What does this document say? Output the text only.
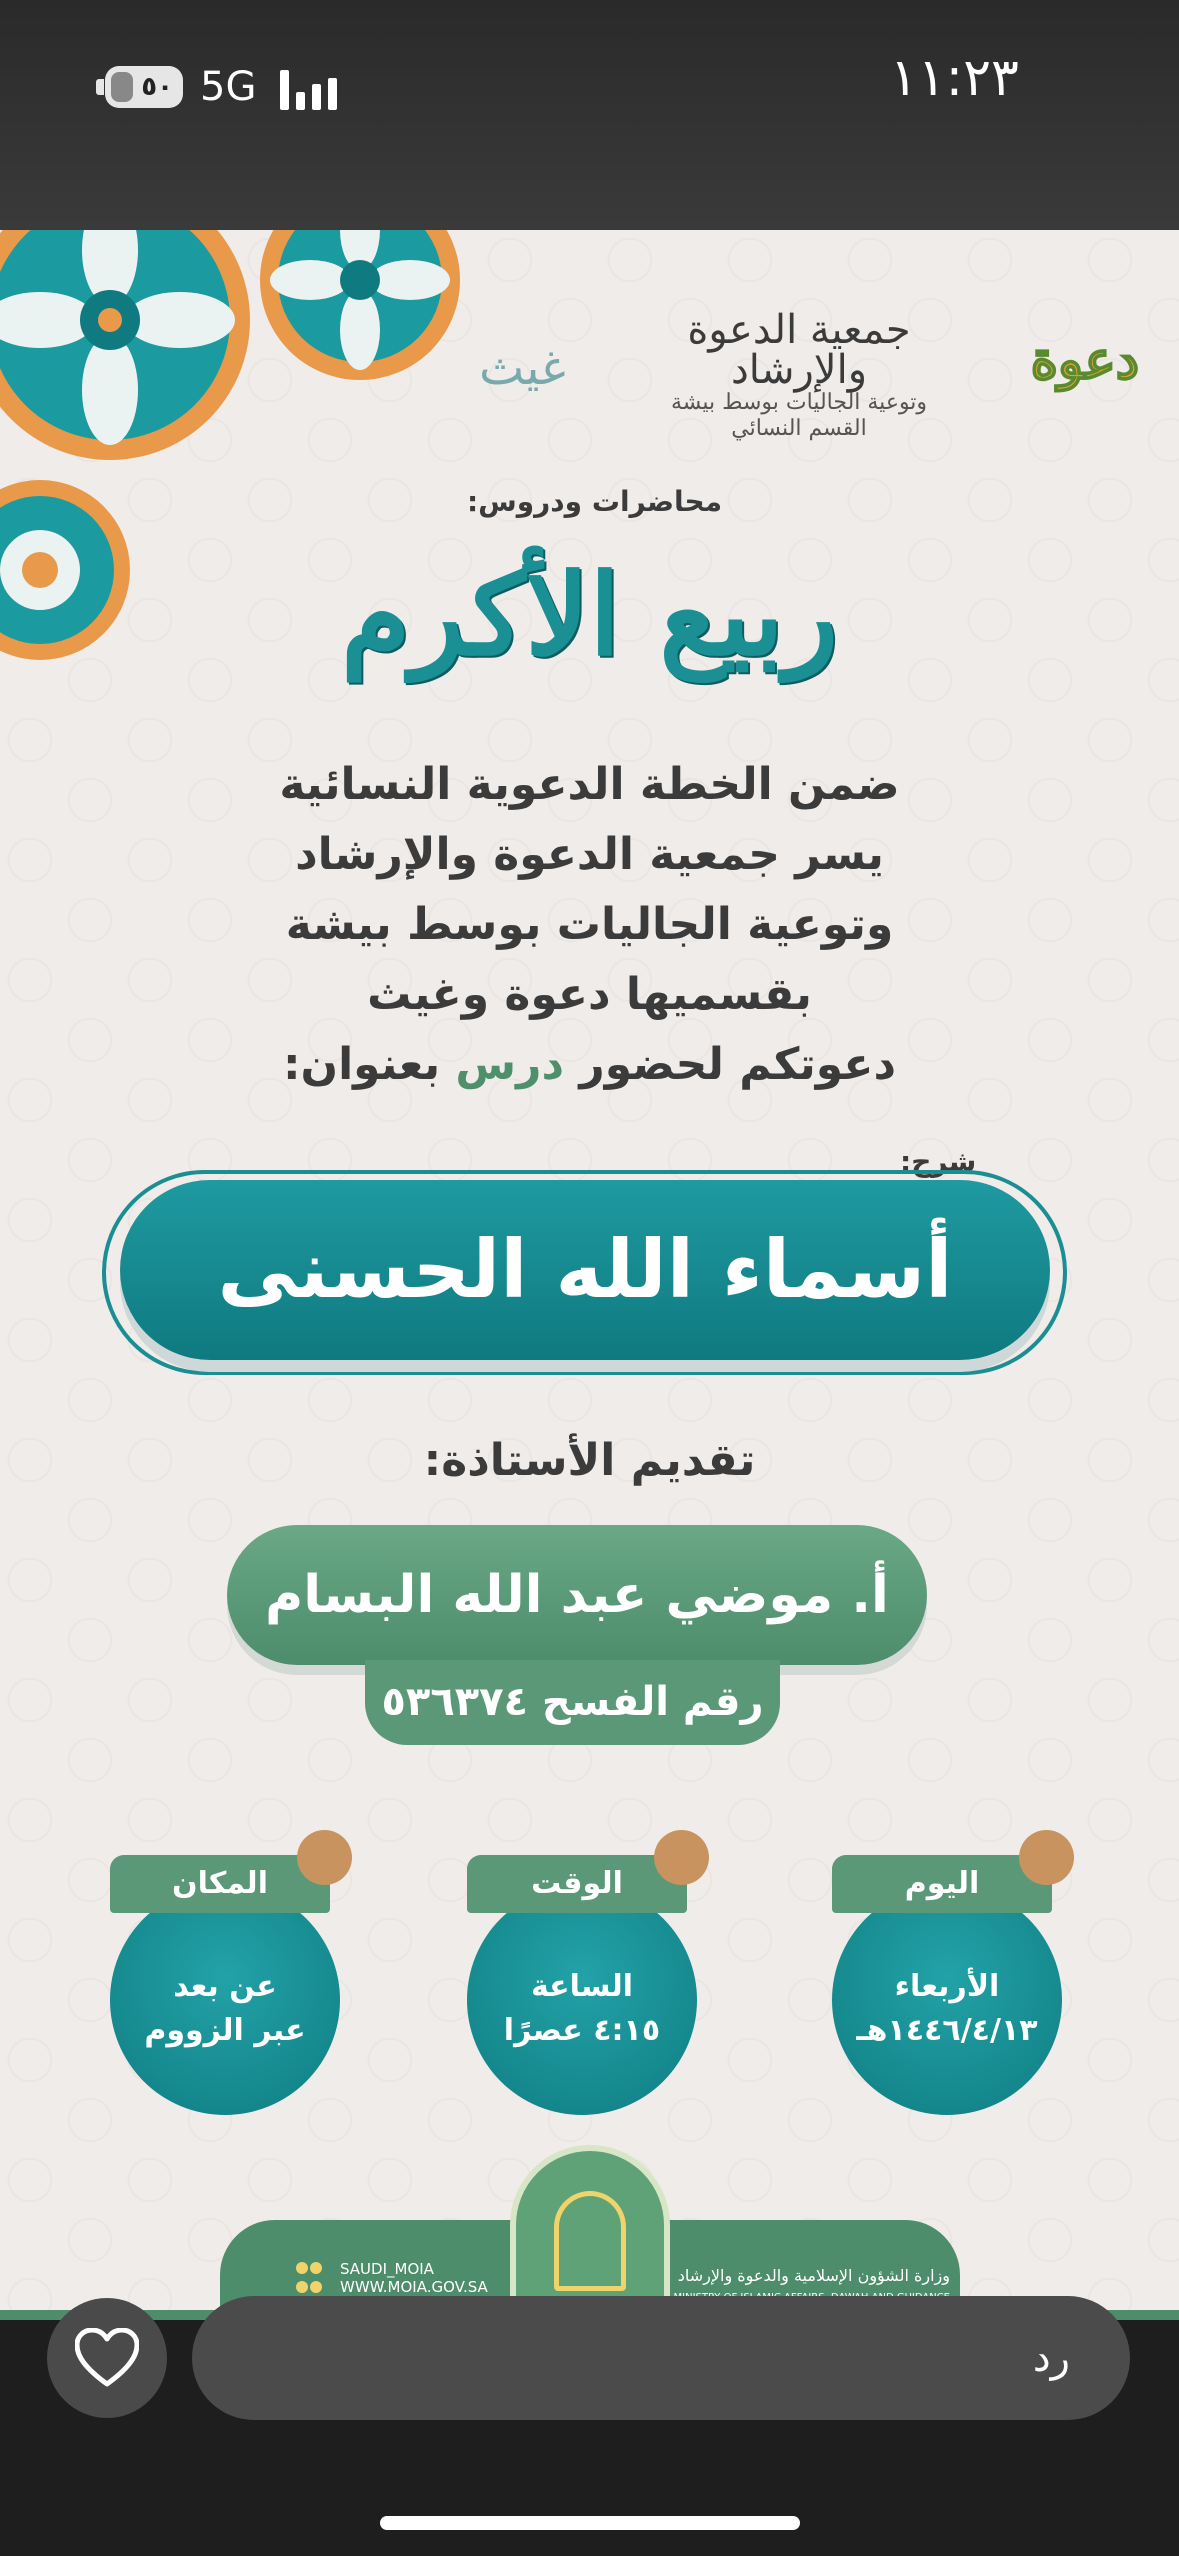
٥٠ 5G	١١:٢٣
غيث
جمعية الدعوة والإرشاد
وتوعية الجاليات بوسط بيشة
القسم النسائي
دعوة
محاضرات ودروس:
ربيع الأكرم
ضمن الخطة الدعوية النسائية
يسر جمعية الدعوة والإرشاد
وتوعية الجاليات بوسط بيشة
بقسميها دعوة وغيث
دعوتكم لحضور درس بعنوان:
شرح:
أسماء الله الحسنى
تقديم الأستاذة:
أ. موضي عبد الله البسام
رقم الفسح ٥٣٦٣٧٤
اليوم
الأربعاء
١٤٤٦/٤/١٣هـ
الوقت
الساعة
٤:١٥ عصرًا
المكان
عن بعد
عبر الزووم
SAUDI_MOIA
WWW.MOIA.GOV.SA
وزارة الشؤون الإسلامية والدعوة والإرشاد
رد
